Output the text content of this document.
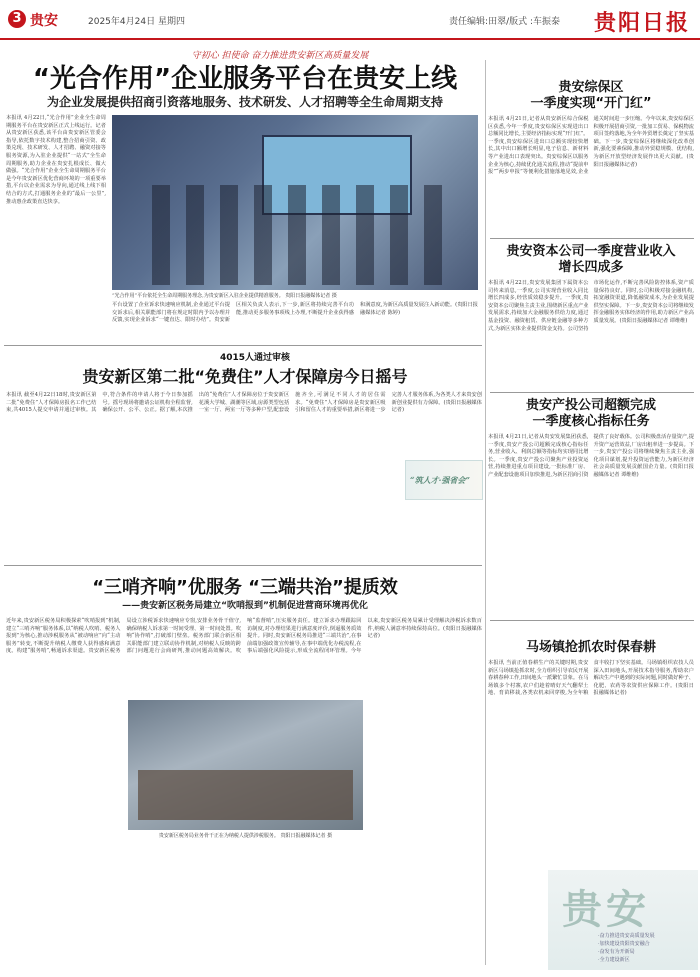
3 贵安	2025年4月24日 星期四	责任编辑:田翠/版式 :车振泰 贵阳日报
守初心 担使命 奋力推进贵安新区高质量发展
“光合作用”企业服务平台在贵安上线
为企业发展提供招商引资落地服务、技术研发、人才招聘等全生命周期支持
本报讯 4月22日,“光合作用”企业全生命周期服务平台在贵安新区正式上线运行。记者从贵安新区获悉,该平台由贵安新区管委会指导,依托数字技术构建,整合招商引资、政策兑现、技术研发、人才招聘、融资对接等服务资源,为入驻企业提供“一站式”全生命周期服务,助力企业在贵安扎根成长、做大做强。“光合作用”企业全生命周期服务平台是今年贵安新区优化营商环境的一项重要举措,平台以企业需求为导向,通过线上线下相结合的方式,打通服务企业的“最后一公里”,推动惠企政策直达快享。
“光合作用”平台依托全生命周期服务理念,为贵安新区入驻企业提供精准服务。 贵阳日报融媒体记者 摄
平台设置了企业诉求快速响应机制,企业通过平台提交诉求后,相关职能部门将在规定时限内予以办理并反馈,实现企业诉求“一键直达、限时办结”。贵安新区相关负责人表示,下一步,新区将持续完善平台功能,推动更多服务事项线上办理,不断提升企业获得感和满意度,为新区高质量发展注入新动能。(贵阳日报融媒体记者 陈婷)
4015人通过审核
贵安新区第二批“免费住”人才保障房今日摇号
本报讯 截至4月22日18时,贵安新区第二批“免费住”人才保障房报名工作已结束,共4015人提交申请并通过审核。其中,符合条件的申请人将于今日参加摇号。摇号现场将邀请公证机构全程监督,确保公开、公平、公正。据了解,本次推出的“免费住”人才保障房位于贵安新区花溪大学城、湖潮等区域,房源类型包括一室一厅、两室一厅等多种户型,配套设施齐全,可满足不同人才的居住需求。“免费住”人才保障房是贵安新区吸引和留住人才的重要举措,新区将进一步完善人才服务体系,为各类人才来贵安创新创业提供有力保障。(贵阳日报融媒体记者)
“筑人才·强省会”
“三哨齐响”优服务 “三端共治”提质效
——贵安新区税务局建立“吹哨报到”机制促进营商环境再优化
近年来,贵安新区税务局积极探索“吹哨报到”机制,建立“三哨齐响”服务体系,以“纳税人吹哨、税务人报到”为核心,推动涉税服务从“被动响应”向“主动服务”转变,不断提升纳税人缴费人获得感和满意度。构建“服务哨”,畅通诉求渠道。贵安新区税务局设立涉税诉求快速响应专窗,安排业务骨干值守,确保纳税人诉求第一时间受理、第一时间处置。吹响“协作哨”,打破部门壁垒。税务部门联合新区相关职能部门建立联动协作机制,对纳税人反映的跨部门问题进行会商研判,推动问题高效解决。吹响“监督哨”,压实服务责任。建立诉求办理跟踪回访制度,对办理结果进行满意度评价,倒逼服务质效提升。同时,贵安新区税务局推进“三端共治”,在事前端加强政策宣传辅导,在事中端优化办税流程,在事后端强化风险提示,形成全流程闭环管理。今年以来,贵安新区税务局累计受理解决涉税诉求数百件,纳税人满意率持续保持高位。(贵阳日报融媒体记者)
贵安新区税务局业务骨干正在为纳税人提供涉税服务。 贵阳日报融媒体记者 摄
贵安综保区
一季度实现“开门红”
本报讯 4月21日,记者从贵安新区综合保税区获悉,今年一季度,贵安综保区实现进出口总额同比增长,主要经济指标实现“开门红”。一季度,贵安综保区进出口总额实现较快增长,其中出口额增长明显,电子信息、新材料等产业进出口表现突出。贵安综保区以服务企业为核心,持续优化通关流程,推动“提前申报”“两步申报”等便利化措施落地见效,企业通关时间进一步压缩。今年以来,贵安综保区积极开展招商引资,一批加工贸易、保税物流项目签约落地,为全年外贸增长奠定了坚实基础。下一步,贵安综保区将继续深化改革创新,强化要素保障,推动外贸稳规模、优结构,为新区开放型经济发展作出更大贡献。(贵阳日报融媒体记者)
贵安资本公司一季度营业收入
增长四成多
本报讯 4月22日,贵安发展集团下属资本公司传来消息,一季度,公司实现营业收入同比增长四成多,经营质效稳步提升。一季度,贵安资本公司聚焦主责主业,围绕新区重点产业发展需求,持续加大金融服务供给力度,通过基金投资、融资租赁、供应链金融等多种方式,为新区实体企业提供资金支持。公司坚持市场化运作,不断完善风险防控体系,资产质量保持良好。同时,公司积极对接金融机构,拓宽融资渠道,降低融资成本,为企业发展提供坚实保障。下一步,贵安资本公司将继续发挥金融服务实体经济的作用,助力新区产业高质量发展。(贵阳日报融媒体记者 谭维维)
贵安产投公司超额完成
一季度核心指标任务
本报讯 4月21日,记者从贵安发展集团获悉,一季度,贵安产投公司超额完成核心指标任务,营业收入、利润总额等指标均实现同比增长。一季度,贵安产投公司聚焦产业投资运营,持续推进重点项目建设,一批标准厂房、产业配套设施项目加快推进,为新区招商引资提供了良好载体。公司积极盘活存量资产,提升资产运营效益,厂房出租率进一步提高。下一步,贵安产投公司将继续聚焦主责主业,强化项目谋划,提升投资运营能力,为新区经济社会高质量发展贡献国企力量。(贵阳日报融媒体记者 谭维维)
马场镇抢抓农时保春耕
本报讯 当前正值春耕生产的关键时期,贵安新区马场镇抢抓农时,全力组织引导农民开展春耕春种工作,田间地头一派繁忙景象。在马场镇多个村寨,农户们趁着晴好天气翻犁土地、育苗移栽,各类农机来回穿梭,为全年粮食丰收打下坚实基础。马场镇组织农技人员深入田间地头,开展技术指导服务,帮助农户解决生产中遇到的实际问题,同时做好种子、化肥、农药等农资供应保障工作。(贵阳日报融媒体记者)
贵安
·奋力推进贵安高质量发展
·加快建设贵阳贵安融合
·奋发有为开新局
·全力建设新区
